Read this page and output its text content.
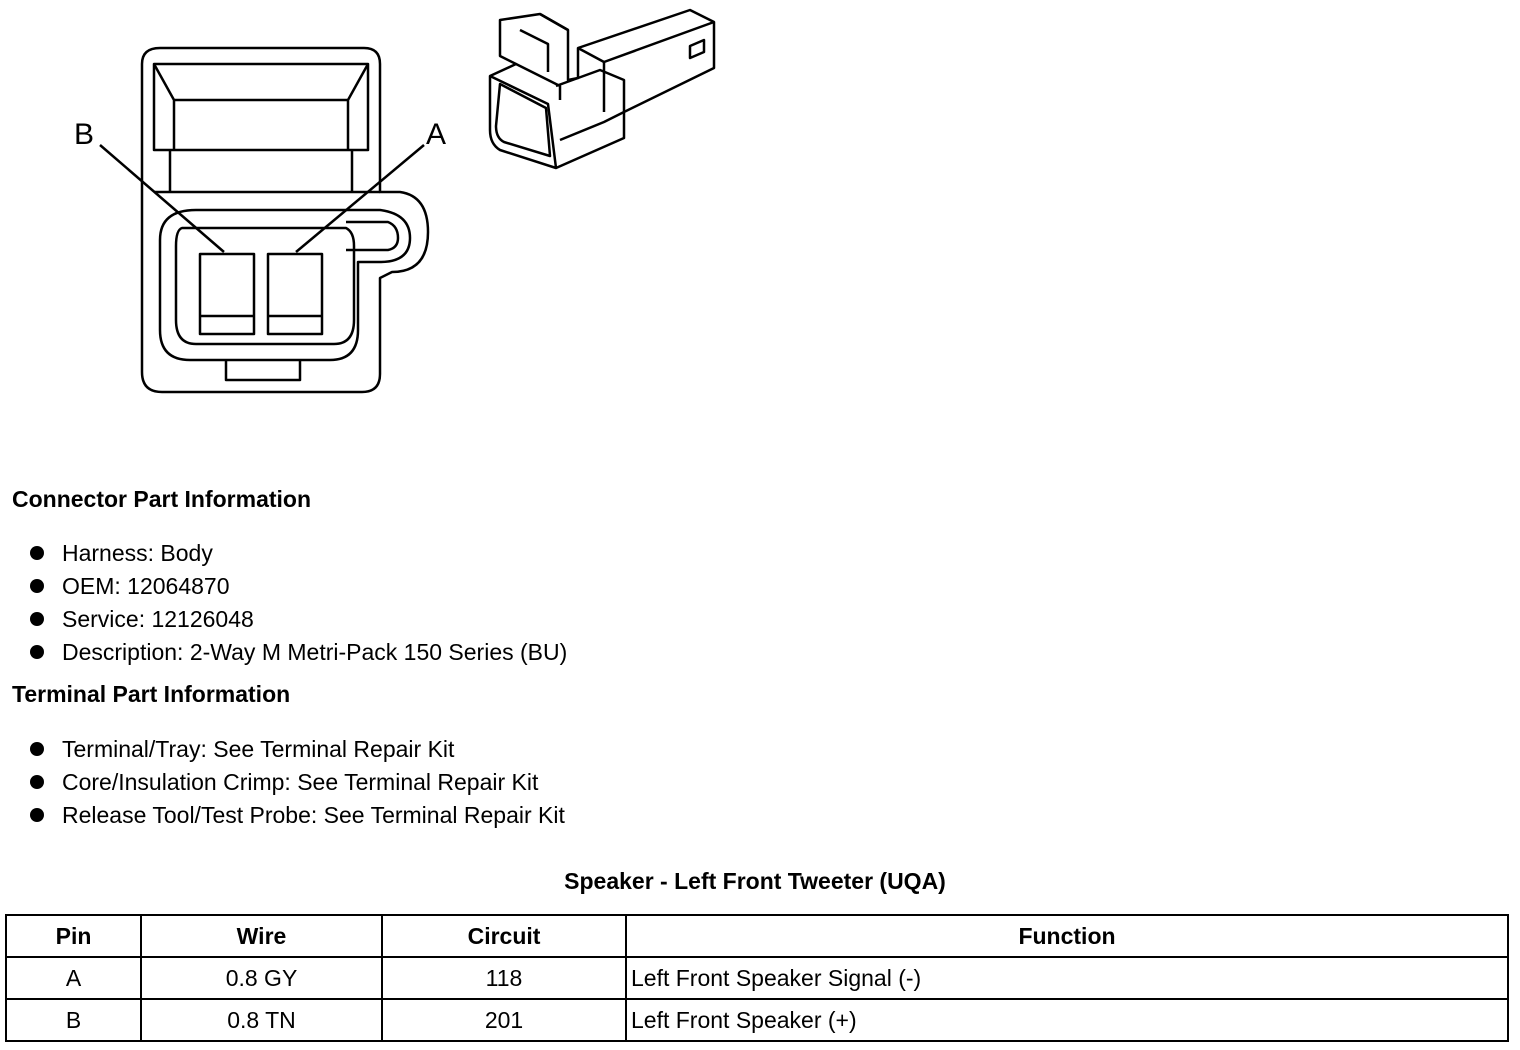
B	A
Connector Part Information
Harness: Body
OEM: 12064870
Service: 12126048
Description: 2-Way M Metri-Pack 150 Series (BU)
Terminal Part Information
Terminal/Tray: See Terminal Repair Kit
Core/Insulation Crimp: See Terminal Repair Kit
Release Tool/Test Probe: See Terminal Repair Kit
Speaker - Left Front Tweeter (UQA)
Pin	Wire	Circuit	Function
A	0.8 GY	118	Left Front Speaker Signal (-)
B	0.8 TN	201	Left Front Speaker (+)
